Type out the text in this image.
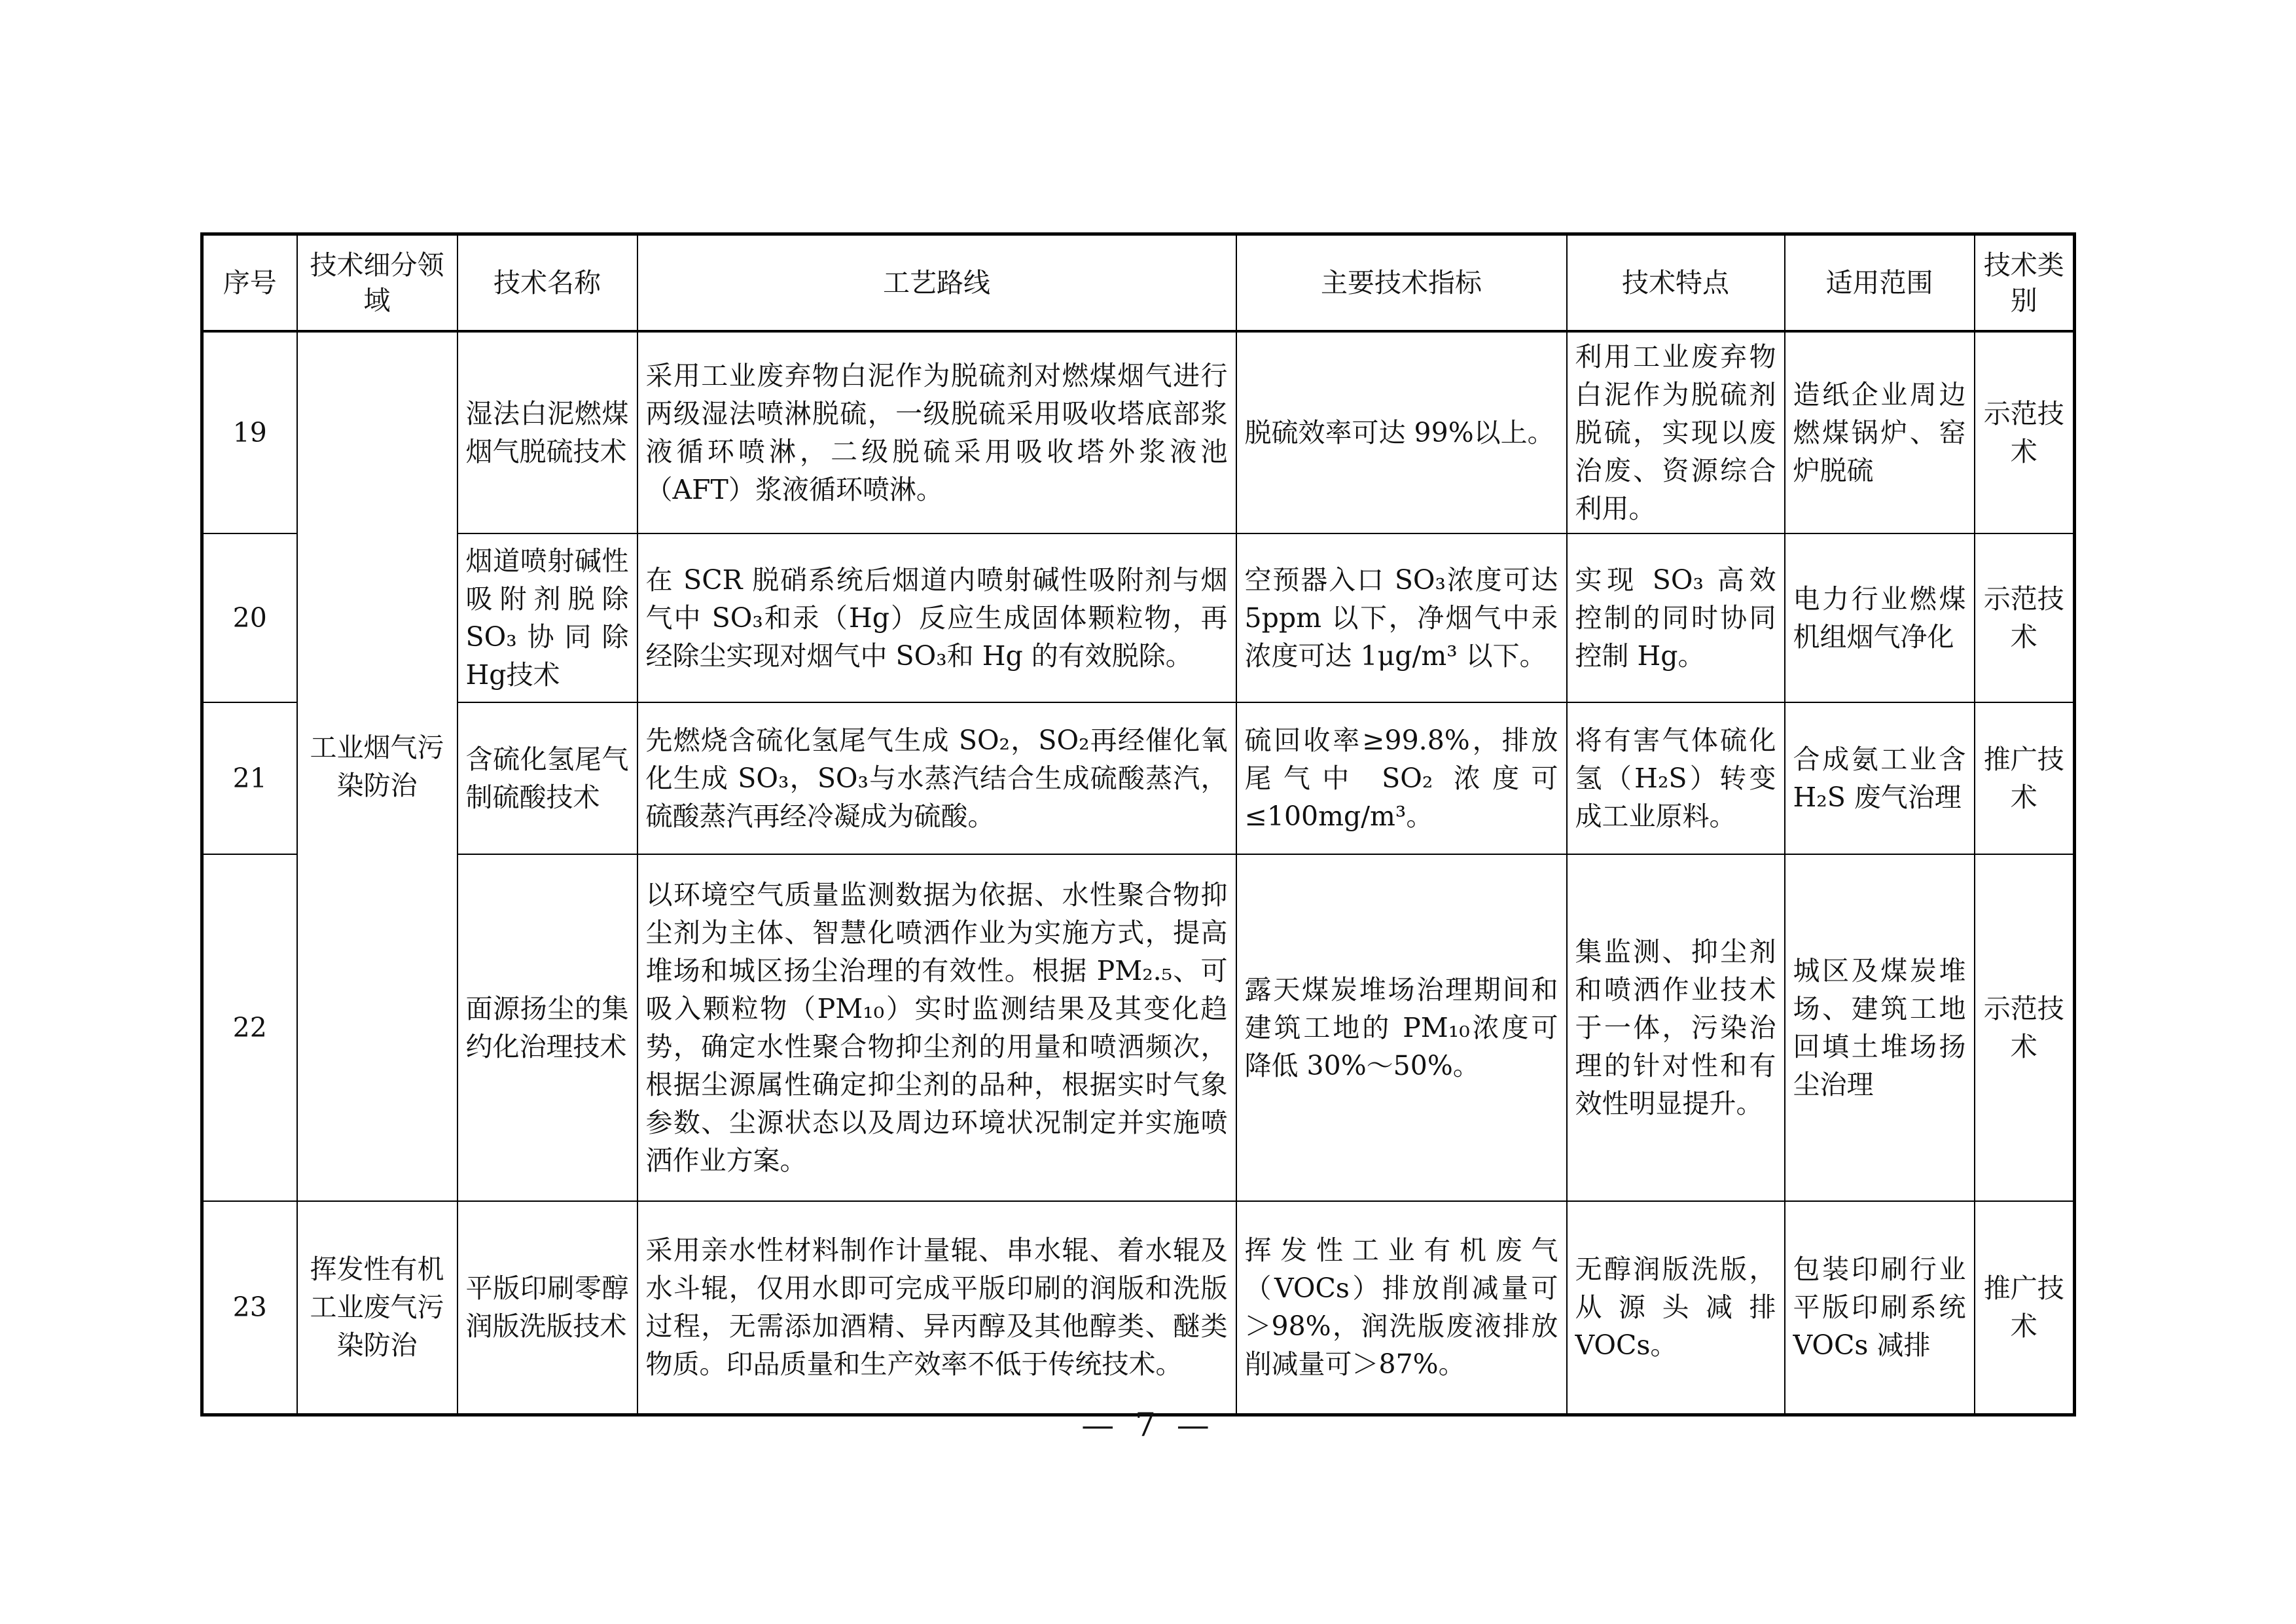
序号	技术细分领域	技术名称	工艺路线	主要技术指标	技术特点	适用范围	技术类别
19	工业烟气污染防治	湿法白泥燃煤烟气脱硫技术	采用工业废弃物白泥作为脱硫剂对燃煤烟气进行两级湿法喷淋脱硫，一级脱硫采用吸收塔底部浆液循环喷淋，二级脱硫采用吸收塔外浆液池（AFT）浆液循环喷淋。	脱硫效率可达 99%以上。	利用工业废弃物白泥作为脱硫剂脱硫，实现以废治废、资源综合利用。	造纸企业周边燃煤锅炉、窑炉脱硫	示范技术
20		烟道喷射碱性吸附剂脱除SO₃协同除Hg技术	在 SCR 脱硝系统后烟道内喷射碱性吸附剂与烟气中 SO₃和汞（Hg）反应生成固体颗粒物，再经除尘实现对烟气中 SO₃和 Hg 的有效脱除。	空预器入口 SO₃浓度可达 5ppm 以下，净烟气中汞浓度可达 1μg/m³ 以下。	实现 SO₃ 高效控制的同时协同控制 Hg。	电力行业燃煤机组烟气净化	示范技术
21		含硫化氢尾气制硫酸技术	先燃烧含硫化氢尾气生成 SO₂，SO₂再经催化氧化生成 SO₃，SO₃与水蒸汽结合生成硫酸蒸汽，硫酸蒸汽再经冷凝成为硫酸。	硫回收率≥99.8%，排放尾气中 SO₂ 浓度可≤100mg/m³。	将有害气体硫化氢（H₂S）转变成工业原料。	合成氨工业含 H₂S 废气治理	推广技术
22		面源扬尘的集约化治理技术	以环境空气质量监测数据为依据、水性聚合物抑尘剂为主体、智慧化喷洒作业为实施方式，提高堆场和城区扬尘治理的有效性。根据 PM₂.₅、可吸入颗粒物（PM₁₀）实时监测结果及其变化趋势，确定水性聚合物抑尘剂的用量和喷洒频次，根据尘源属性确定抑尘剂的品种，根据实时气象参数、尘源状态以及周边环境状况制定并实施喷洒作业方案。	露天煤炭堆场治理期间和建筑工地的 PM₁₀浓度可降低 30%～50%。	集监测、抑尘剂和喷洒作业技术于一体，污染治理的针对性和有效性明显提升。	城区及煤炭堆场、建筑工地回填土堆场扬尘治理	示范技术
23	挥发性有机工业废气污染防治	平版印刷零醇润版洗版技术	采用亲水性材料制作计量辊、串水辊、着水辊及水斗辊，仅用水即可完成平版印刷的润版和洗版过程，无需添加酒精、异丙醇及其他醇类、醚类物质。印品质量和生产效率不低于传统技术。	挥发性工业有机废气（VOCs）排放削减量可＞98%，润洗版废液排放削减量可＞87%。	无醇润版洗版，从源头减排 VOCs。	包装印刷行业平版印刷系统 VOCs 减排	推广技术
— 7 —
